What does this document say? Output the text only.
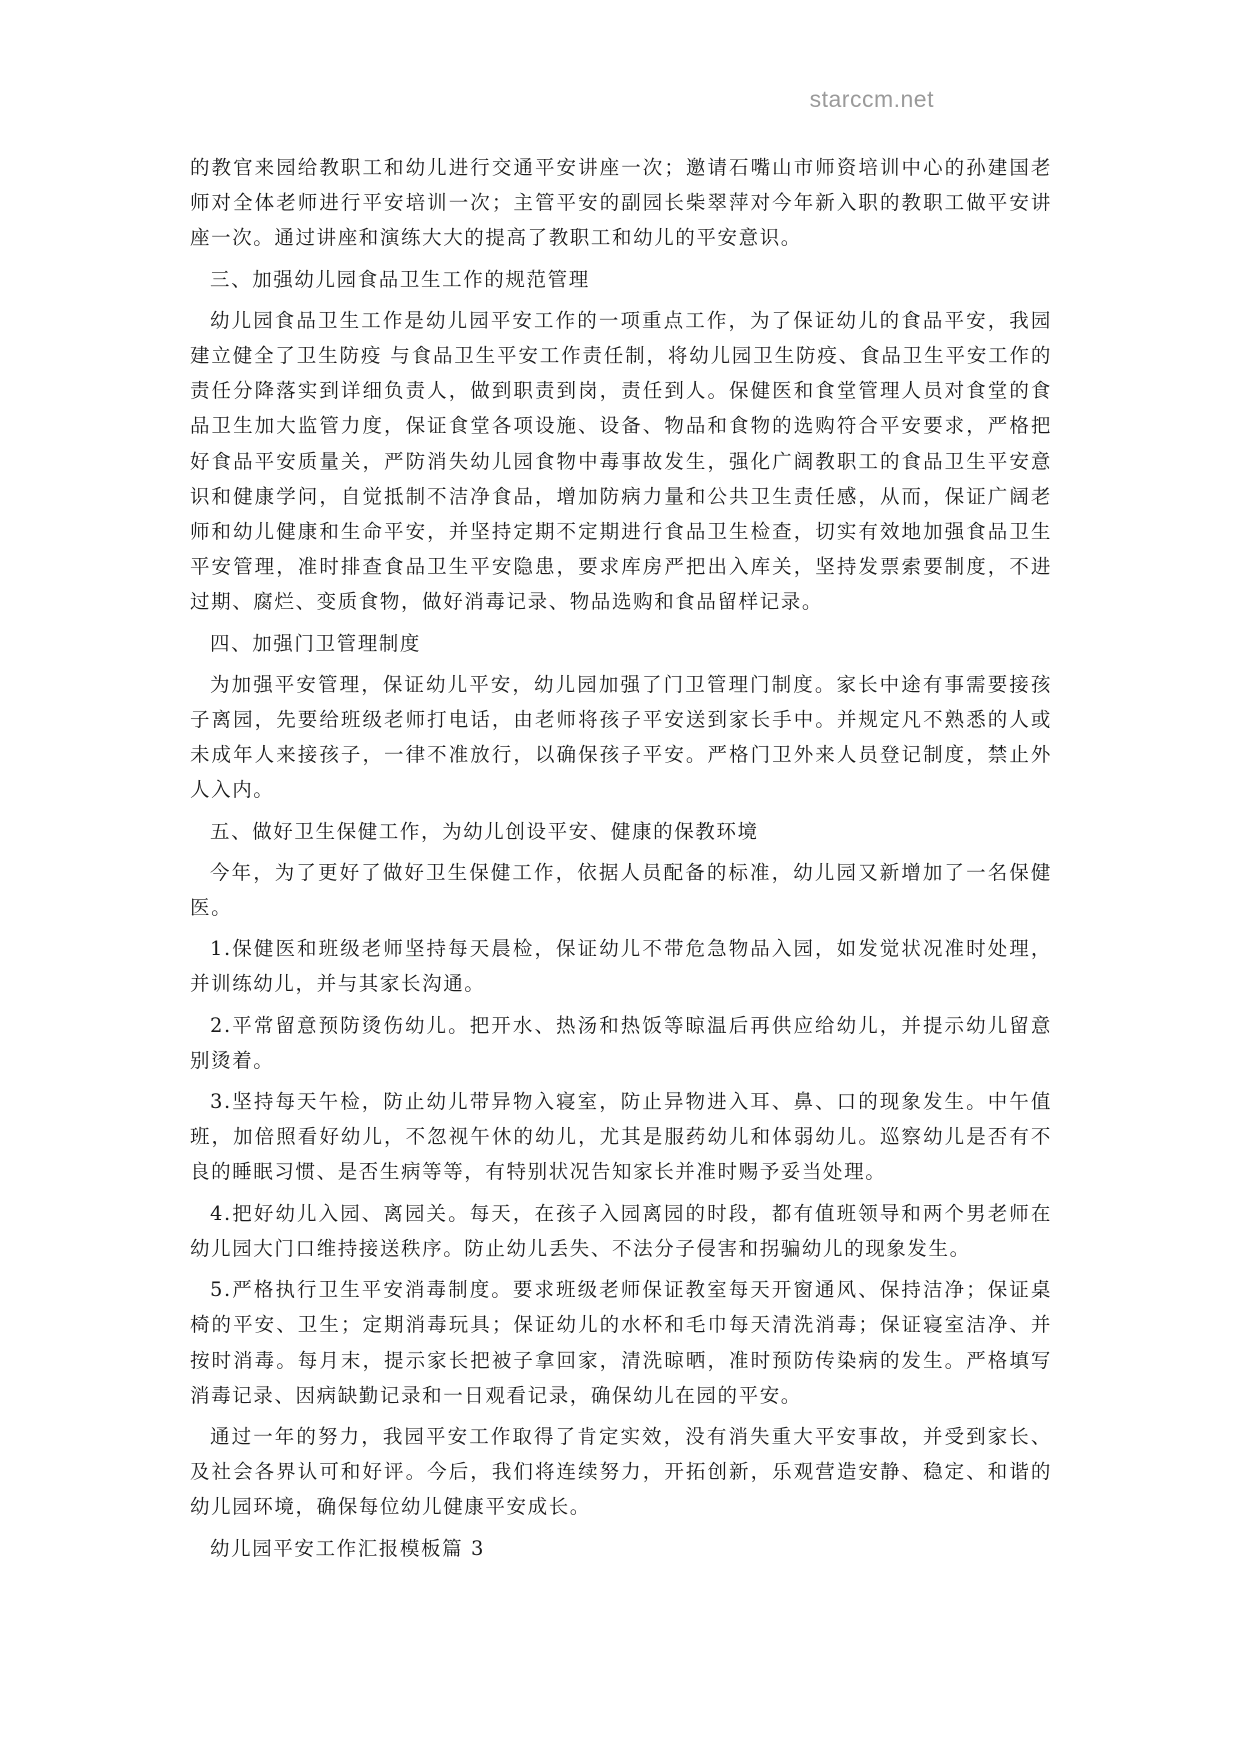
starccm.net

的教官来园给教职工和幼儿进行交通平安讲座一次；邀请石嘴山市师资培训中心的孙建国老师对全体老师进行平安培训一次；主管平安的副园长柴翠萍对今年新入职的教职工做平安讲座一次。通过讲座和演练大大的提高了教职工和幼儿的平安意识。

三、加强幼儿园食品卫生工作的规范管理

幼儿园食品卫生工作是幼儿园平安工作的一项重点工作，为了保证幼儿的食品平安，我园建立健全了卫生防疫 与食品卫生平安工作责任制，将幼儿园卫生防疫、食品卫生平安工作的责任分降落实到详细负责人，做到职责到岗，责任到人。保健医和食堂管理人员对食堂的食品卫生加大监管力度，保证食堂各项设施、设备、物品和食物的选购符合平安要求，严格把好食品平安质量关，严防消失幼儿园食物中毒事故发生，强化广阔教职工的食品卫生平安意识和健康学问，自觉抵制不洁净食品，增加防病力量和公共卫生责任感，从而，保证广阔老师和幼儿健康和生命平安，并坚持定期不定期进行食品卫生检查，切实有效地加强食品卫生平安管理，准时排查食品卫生平安隐患，要求库房严把出入库关，坚持发票索要制度，不进过期、腐烂、变质食物，做好消毒记录、物品选购和食品留样记录。

四、加强门卫管理制度

为加强平安管理，保证幼儿平安，幼儿园加强了门卫管理门制度。家长中途有事需要接孩子离园，先要给班级老师打电话，由老师将孩子平安送到家长手中。并规定凡不熟悉的人或未成年人来接孩子，一律不准放行，以确保孩子平安。严格门卫外来人员登记制度，禁止外人入内。

五、做好卫生保健工作，为幼儿创设平安、健康的保教环境

今年，为了更好了做好卫生保健工作，依据人员配备的标准，幼儿园又新增加了一名保健医。

1.保健医和班级老师坚持每天晨检，保证幼儿不带危急物品入园，如发觉状况准时处理，并训练幼儿，并与其家长沟通。

2.平常留意预防烫伤幼儿。把开水、热汤和热饭等晾温后再供应给幼儿，并提示幼儿留意别烫着。

3.坚持每天午检，防止幼儿带异物入寝室，防止异物进入耳、鼻、口的现象发生。中午值班，加倍照看好幼儿，不忽视午休的幼儿，尤其是服药幼儿和体弱幼儿。巡察幼儿是否有不良的睡眠习惯、是否生病等等，有特别状况告知家长并准时赐予妥当处理。

4.把好幼儿入园、离园关。每天，在孩子入园离园的时段，都有值班领导和两个男老师在幼儿园大门口维持接送秩序。防止幼儿丢失、不法分子侵害和拐骗幼儿的现象发生。

5.严格执行卫生平安消毒制度。要求班级老师保证教室每天开窗通风、保持洁净；保证桌椅的平安、卫生；定期消毒玩具；保证幼儿的水杯和毛巾每天清洗消毒；保证寝室洁净、并按时消毒。每月末，提示家长把被子拿回家，清洗晾晒，准时预防传染病的发生。严格填写消毒记录、因病缺勤记录和一日观看记录，确保幼儿在园的平安。

通过一年的努力，我园平安工作取得了肯定实效，没有消失重大平安事故，并受到家长、及社会各界认可和好评。今后，我们将连续努力，开拓创新，乐观营造安静、稳定、和谐的幼儿园环境，确保每位幼儿健康平安成长。

幼儿园平安工作汇报模板篇 3
